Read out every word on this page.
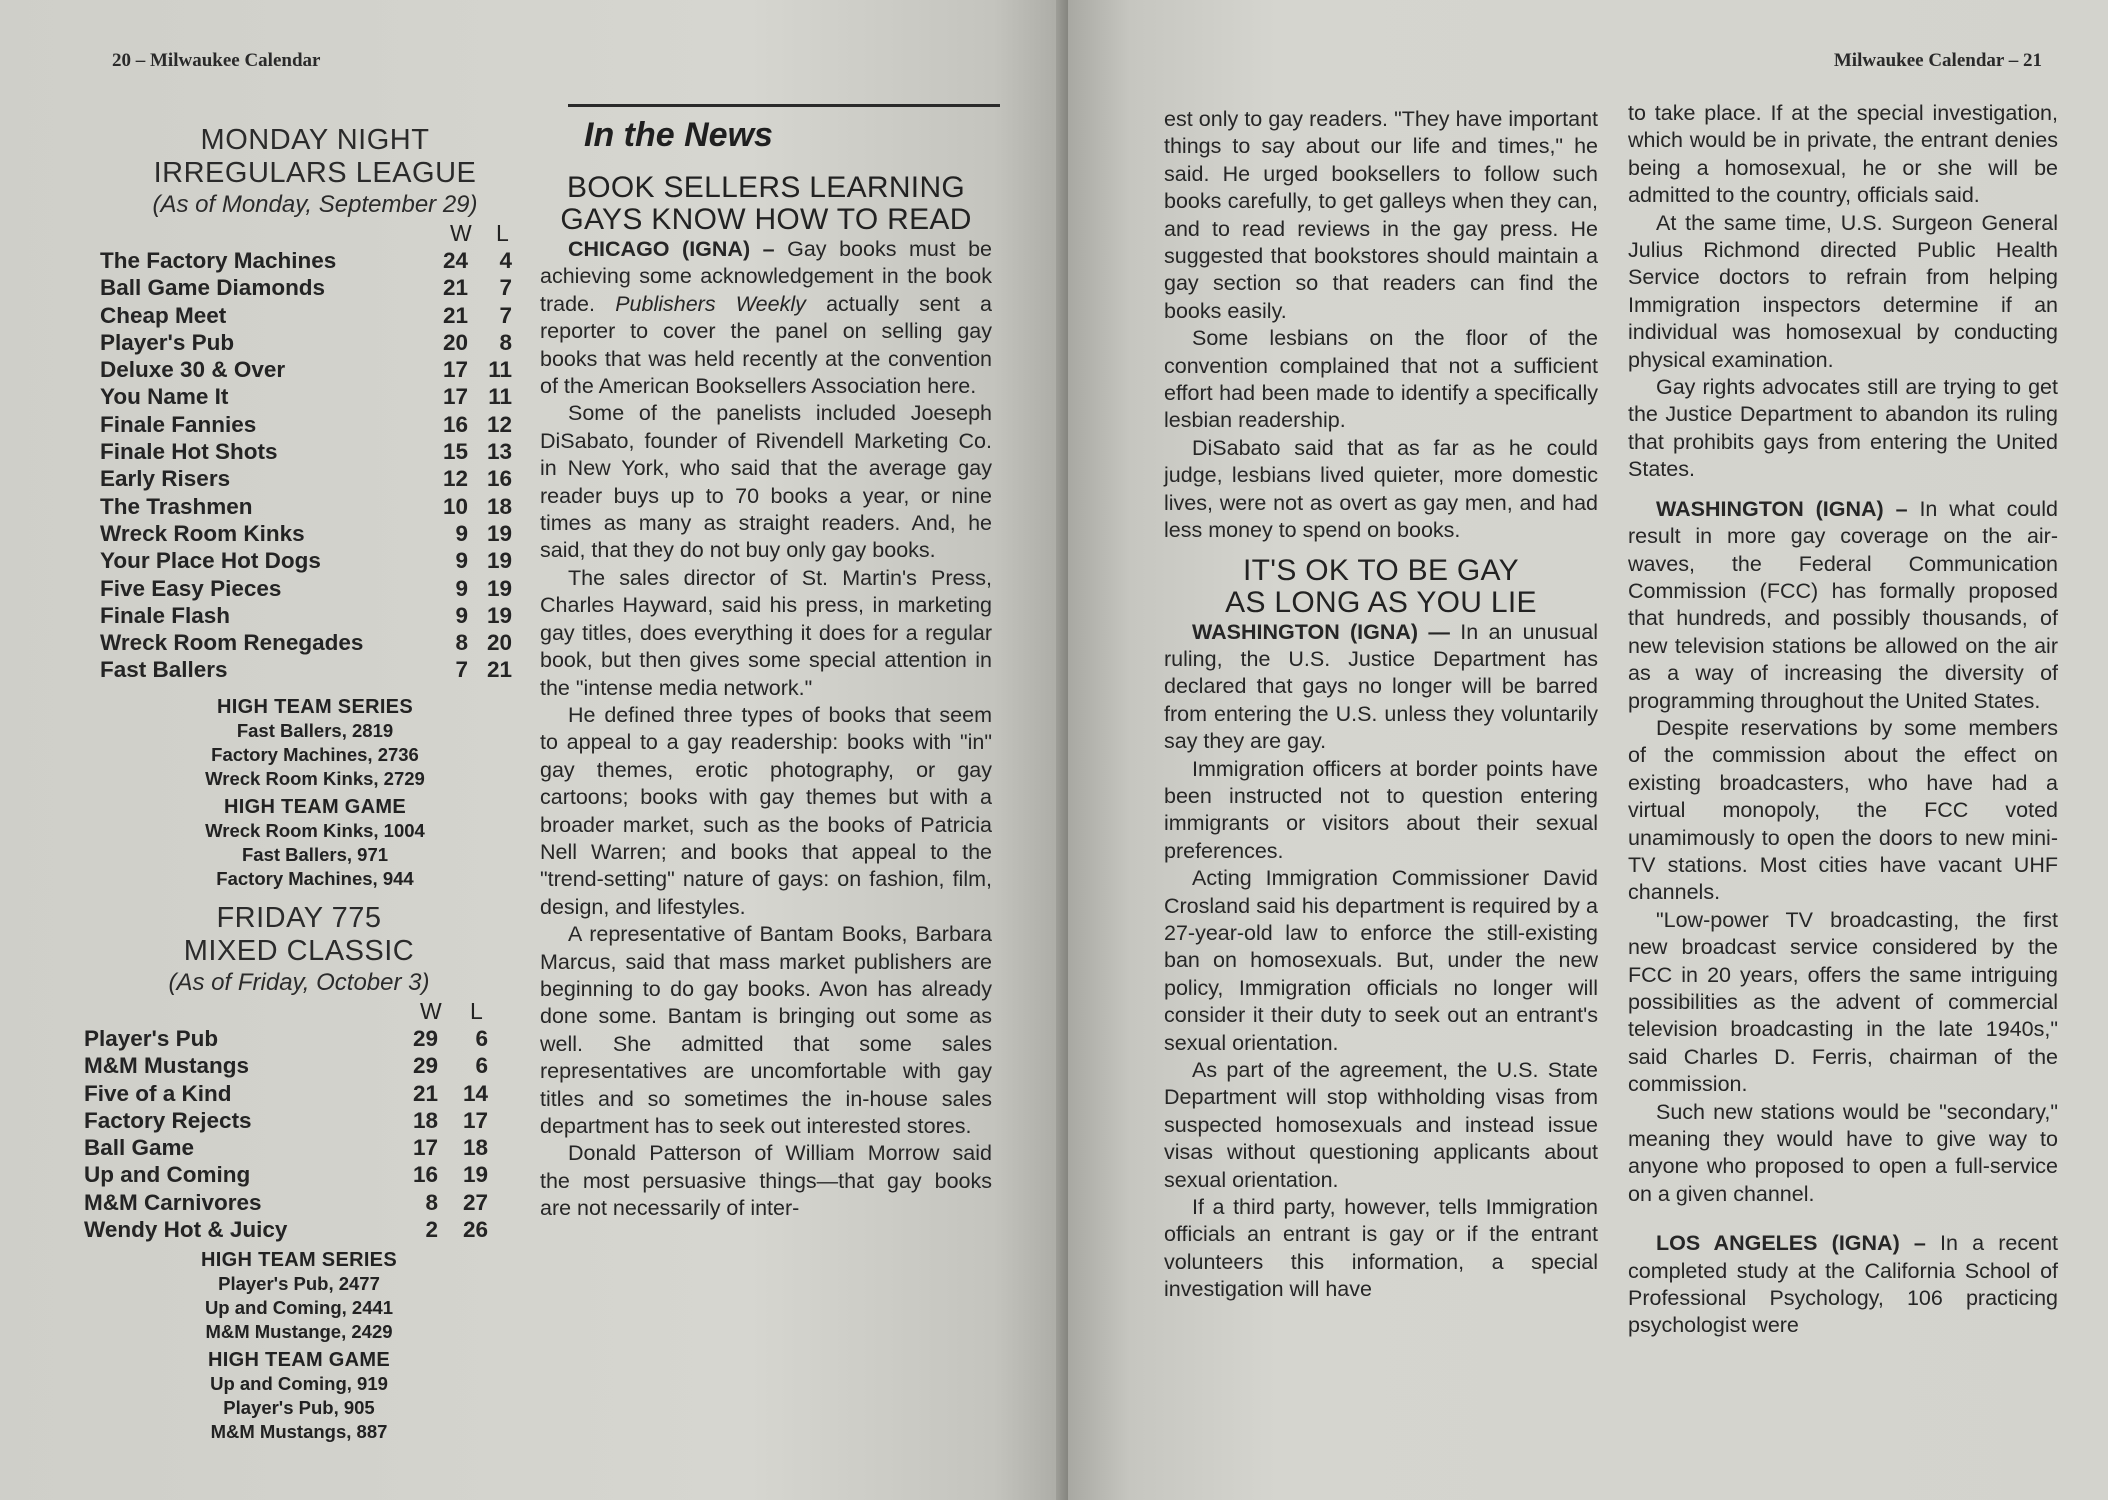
20 – Milwaukee Calendar
MONDAY NIGHT
IRREGULARS LEAGUE
(As of Monday, September 29)
W L
The Factory Machines	24	4
Ball Game Diamonds	21	7
Cheap Meet	21	7
Player's Pub	20	8
Deluxe 30 & Over	17 11
You Name It	17 11
Finale Fannies	16 12
Finale Hot Shots	15 13
Early Risers	12 16
The Trashmen	10 18
Wreck Room Kinks	9 19
Your Place Hot Dogs	9 19
Five Easy Pieces	9 19
Finale Flash	9 19
Wreck Room Renegades	8 20
Fast Ballers	7 21
HIGH TEAM SERIES
Fast Ballers, 2819
Factory Machines, 2736
Wreck Room Kinks, 2729
HIGH TEAM GAME
Wreck Room Kinks, 1004
Fast Ballers, 971
Factory Machines, 944
FRIDAY 775
MIXED CLASSIC
(As of Friday, October 3)
W L
Player's Pub	29	6
M&M Mustangs	29	6
Five of a Kind	21	14
Factory Rejects	18	17
Ball Game	17	18
Up and Coming	16	19
M&M Carnivores	8	27
Wendy Hot & Juicy	2	26
HIGH TEAM SERIES
Player's Pub, 2477
Up and Coming, 2441
M&M Mustange, 2429
HIGH TEAM GAME
Up and Coming, 919
Player's Pub, 905
M&M Mustangs, 887
In the News
BOOK SELLERS LEARNING
GAYS KNOW HOW TO READ

CHICAGO (IGNA) – Gay books must be achieving some acknowledgement in the book trade. Publishers Weekly actually sent a reporter to cover the panel on selling gay books that was held recently at the convention of the American Booksellers Association here.

Some of the panelists included Joeseph DiSabato, founder of Rivendell Marketing Co. in New York, who said that the average gay reader buys up to 70 books a year, or nine times as many as straight readers. And, he said, that they do not buy only gay books.

The sales director of St. Martin's Press, Charles Hayward, said his press, in marketing gay titles, does everything it does for a regular book, but then gives some special attention in the "intense media network."

He defined three types of books that seem to appeal to a gay readership: books with "in" gay themes, erotic photography, or gay cartoons; books with gay themes but with a broader market, such as the books of Patricia Nell Warren; and books that appeal to the "trend-setting" nature of gays: on fashion, film, design, and lifestyles.

A representative of Bantam Books, Barbara Marcus, said that mass market publishers are beginning to do gay books. Avon has already done some. Bantam is bringing out some as well. She admitted that some sales representatives are uncomfortable with gay titles and so sometimes the in-house sales department has to seek out interested stores.

Donald Patterson of William Morrow said the most persuasive things—that gay books are not necessarily of inter-

Milwaukee Calendar – 21

est only to gay readers. "They have important things to say about our life and times," he said. He urged booksellers to follow such books carefully, to get galleys when they can, and to read reviews in the gay press. He suggested that bookstores should maintain a gay section so that readers can find the books easily.

Some lesbians on the floor of the convention complained that not a sufficient effort had been made to identify a specifically lesbian readership.

DiSabato said that as far as he could judge, lesbians lived quieter, more domestic lives, were not as overt as gay men, and had less money to spend on books.

IT'S OK TO BE GAY
AS LONG AS YOU LIE

WASHINGTON (IGNA) — In an unusual ruling, the U.S. Justice Department has declared that gays no longer will be barred from entering the U.S. unless they voluntarily say they are gay.

Immigration officers at border points have been instructed not to question entering immigrants or visitors about their sexual preferences.

Acting Immigration Commissioner David Crosland said his department is required by a 27-year-old law to enforce the still-existing ban on homosexuals. But, under the new policy, Immigration officials no longer will consider it their duty to seek out an entrant's sexual orientation.

As part of the agreement, the U.S. State Department will stop withholding visas from suspected homosexuals and instead issue visas without questioning applicants about sexual orientation.

If a third party, however, tells Immigration officials an entrant is gay or if the entrant volunteers this information, a special investigation will have

to take place. If at the special investigation, which would be in private, the entrant denies being a homosexual, he or she will be admitted to the country, officials said.

At the same time, U.S. Surgeon General Julius Richmond directed Public Health Service doctors to refrain from helping Immigration inspectors determine if an individual was homosexual by conducting physical examination.

Gay rights advocates still are trying to get the Justice Department to abandon its ruling that prohibits gays from entering the United States.

WASHINGTON (IGNA) – In what could result in more gay coverage on the air-waves, the Federal Communication Commission (FCC) has formally proposed that hundreds, and possibly thousands, of new television stations be allowed on the air as a way of increasing the diversity of programming throughout the United States.

Despite reservations by some members of the commission about the effect on existing broadcasters, who have had a virtual monopoly, the FCC voted unamimously to open the doors to new mini-TV stations. Most cities have vacant UHF channels.

"Low-power TV broadcasting, the first new broadcast service considered by the FCC in 20 years, offers the same intriguing possibilities as the advent of commercial television broadcasting in the late 1940s," said Charles D. Ferris, chairman of the commission.

Such new stations would be "secondary," meaning they would have to give way to anyone who proposed to open a full-service on a given channel.

LOS ANGELES (IGNA) – In a recent completed study at the California School of Professional Psychology, 106 practicing psychologist were
